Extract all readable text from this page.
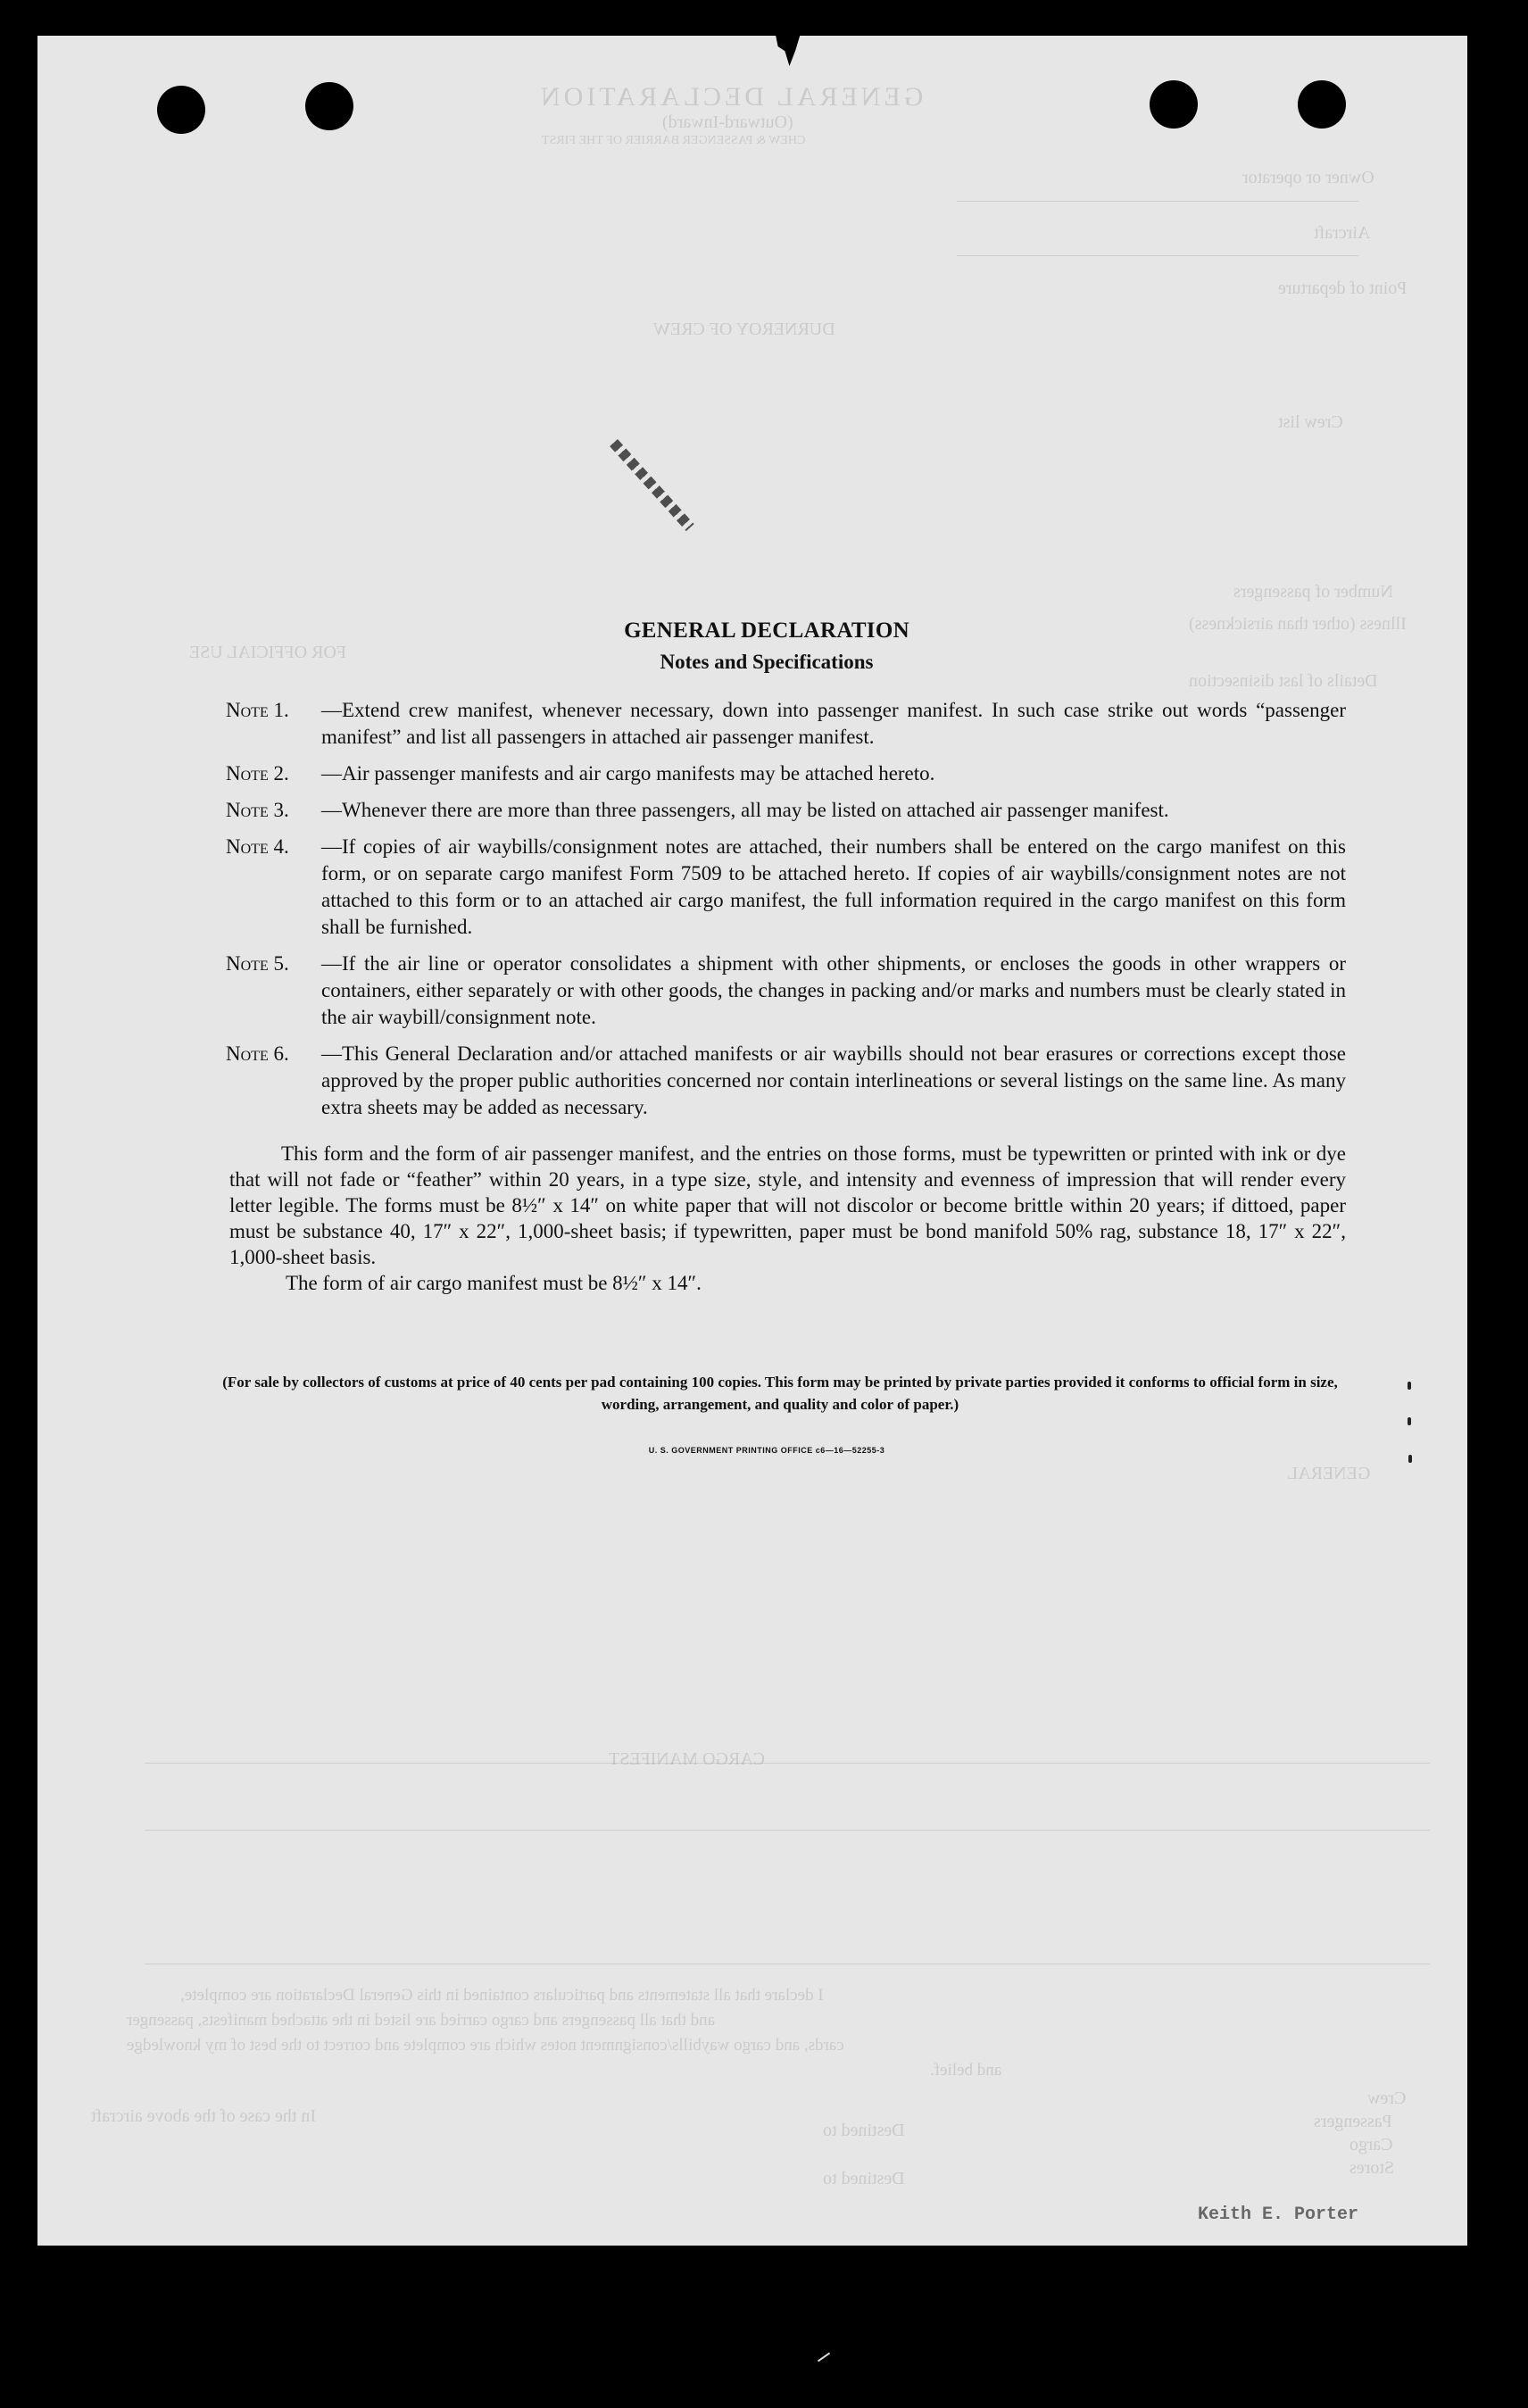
GENERAL DECLARATION
(Outward-Inward)
CHEW & PASSENGER BARRIER OF THE FIRST
Owner or operator
Aircraft
Point of departure
DURNEROY OF CREW
Crew list
Number of passengers
Illness (other than airsickness)
FOR OFFICIAL USE
Details of last disinsection
GENERAL
CARGO MANIFEST
I declare that all statements and particulars contained in this General Declaration are complete,
and that all passengers and cargo carried are listed in the attached manifests, passenger
cards, and cargo waybills/consignment notes which are complete and correct to the best of my knowledge
and belief.
In the case of the above aircraft
Crew
Passengers
Cargo
Stores
Destined to
Destined to
Keith E. Porter
GENERAL DECLARATION
Notes and Specifications
Note 1. —Extend crew manifest, whenever necessary, down into passenger manifest. In such case strike out words “passenger manifest” and list all passengers in attached air passenger manifest.
Note 2. —Air passenger manifests and air cargo manifests may be attached hereto.
Note 3. —Whenever there are more than three passengers, all may be listed on attached air passenger manifest.
Note 4. —If copies of air waybills/consignment notes are attached, their numbers shall be entered on the cargo manifest on this form, or on separate cargo manifest Form 7509 to be attached hereto. If copies of air waybills/consignment notes are not attached to this form or to an attached air cargo manifest, the full information required in the cargo manifest on this form shall be furnished.
Note 5. —If the air line or operator consolidates a shipment with other shipments, or encloses the goods in other wrappers or containers, either separately or with other goods, the changes in packing and/or marks and numbers must be clearly stated in the air waybill/consignment note.
Note 6. —This General Declaration and/or attached manifests or air waybills should not bear erasures or corrections except those approved by the proper public authorities concerned nor contain interlineations or several listings on the same line. As many extra sheets may be added as necessary.
This form and the form of air passenger manifest, and the entries on those forms, must be typewritten or printed with ink or dye that will not fade or “feather” within 20 years, in a type size, style, and intensity and evenness of impression that will render every letter legible. The forms must be 8½″ x 14″ on white paper that will not discolor or become brittle within 20 years; if dittoed, paper must be substance 40, 17″ x 22″, 1,000-sheet basis; if typewritten, paper must be bond manifold 50% rag, substance 18, 17″ x 22″, 1,000-sheet basis.
The form of air cargo manifest must be 8½″ x 14″.
(For sale by collectors of customs at price of 40 cents per pad containing 100 copies. This form may be printed by private parties provided it conforms to official form in size, wording, arrangement, and quality and color of paper.)
U. S. GOVERNMENT PRINTING OFFICE c6—16—52255-3
